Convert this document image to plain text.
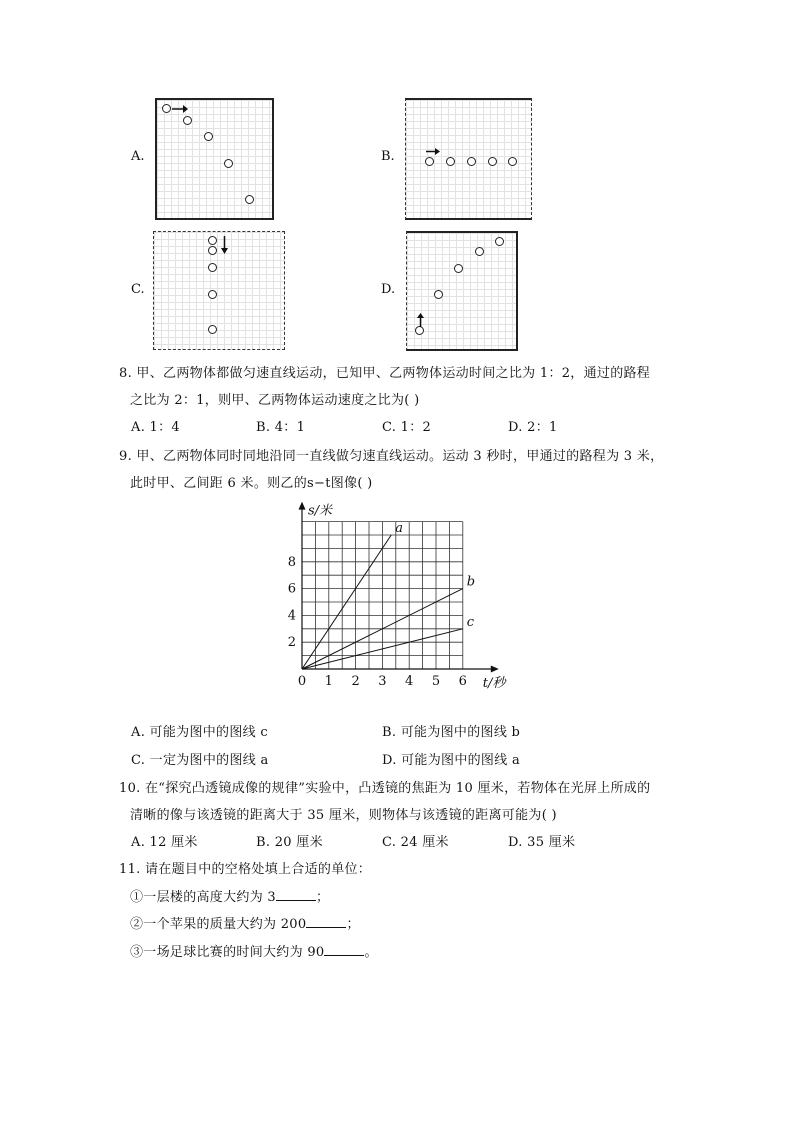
A.	B.
C.	D.
8. 甲、乙两物体都做匀速直线运动，已知甲、乙两物体运动时间之比为 1：2，通过的路程
之比为 2：1，则甲、乙两物体运动速度之比为( )
A. 1：4	B. 4：1	C. 1：2	D. 2：1
9. 甲、乙两物体同时同地沿同一直线做匀速直线运动。运动 3 秒时，甲通过的路程为 3 米，
此时甲、乙间距 6 米。则乙的s−t图像( )
0 1 2 3 4 5 6
2
4
6
8
t/秒
s/米
a
b
c
A. 可能为图中的图线 c	B. 可能为图中的图线 b
C. 一定为图中的图线 a	D. 可能为图中的图线 a
10. 在“探究凸透镜成像的规律”实验中，凸透镜的焦距为 10 厘米，若物体在光屏上所成的
清晰的像与该透镜的距离大于 35 厘米，则物体与该透镜的距离可能为( )
A. 12 厘米	B. 20 厘米	C. 24 厘米	D. 35 厘米
11. 请在题目中的空格处填上合适的单位：
①一层楼的高度大约为 3	；
②一个苹果的质量大约为 200	；
③一场足球比赛的时间大约为 90	。
